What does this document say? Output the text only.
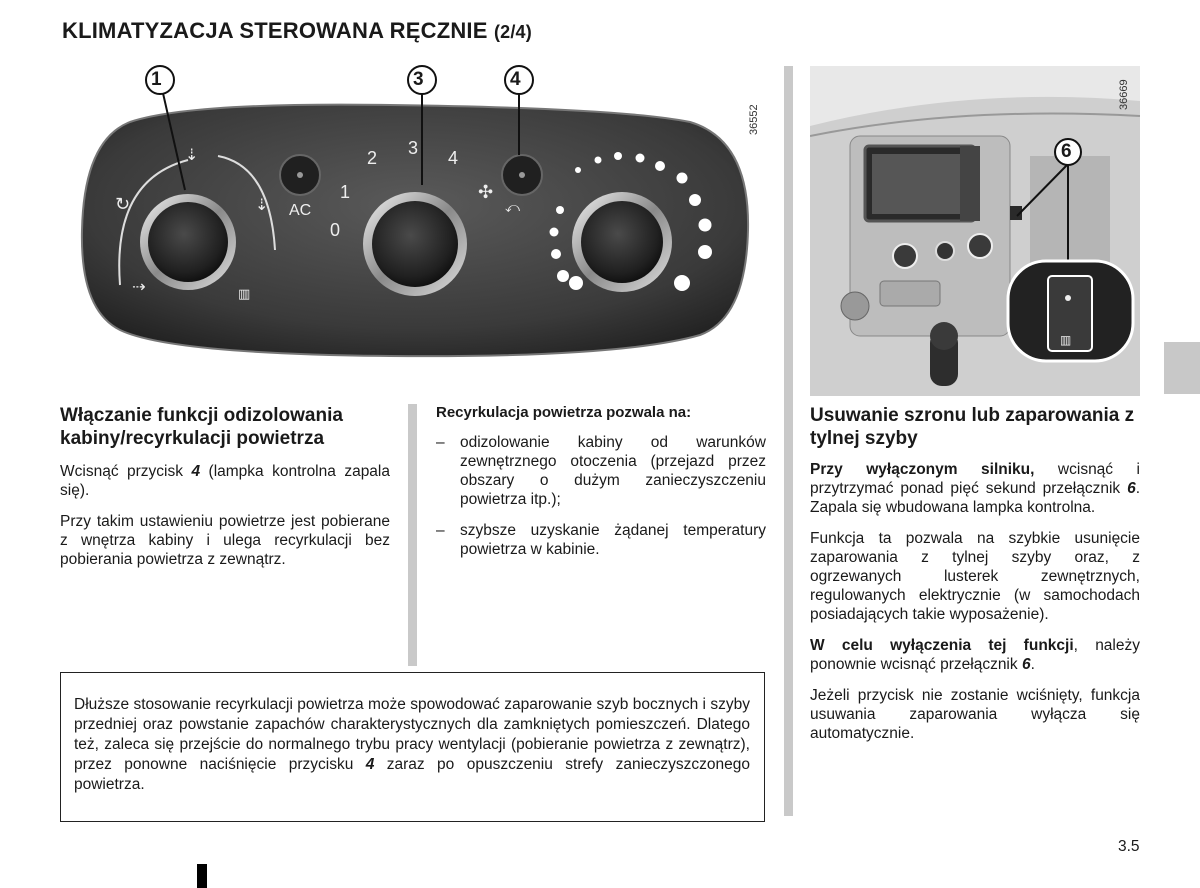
KLIMATYZACJA STEROWANA RĘCZNIE (2/4)
↻
⇣
⇣
⇢	▥
⤺
✣
1	3	4
AC
0
1
2 3 4
36552
▥
6
36669
Włączanie funkcji odizolowania kabiny/recyrkulacji powietrza

Wcisnąć przycisk 4 (lampka kontrolna zapala się).

Przy takim ustawieniu powietrze jest pobierane z wnętrza kabiny i ulega recyrkulacji bez pobierania powietrza z zewnątrz.

Recyrkulacja powietrza pozwala na:

– odizolowanie kabiny od warunków zewnętrznego otoczenia (przejazd przez obszary o dużym zanieczyszczeniu powietrza itp.);
– szybsze uzyskanie żądanej temperatury powietrza w kabinie.
Usuwanie szronu lub zaparowania z tylnej szyby

Przy wyłączonym silniku, wcisnąć i przytrzymać ponad pięć sekund przełącznik 6. Zapala się wbudowana lampka kontrolna.

Funkcja ta pozwala na szybkie usunięcie zaparowania z tylnej szyby oraz, z ogrzewanych lusterek zewnętrznych, regulowanych elektrycznie (w samochodach posiadających takie wyposażenie).

W celu wyłączenia tej funkcji, należy ponownie wcisnąć przełącznik 6.

Jeżeli przycisk nie zostanie wciśnięty, funkcja usuwania zaparowania wyłącza się automatycznie.

Dłuższe stosowanie recyrkulacji powietrza może spowodować zaparowanie szyb bocznych i szyby przedniej oraz powstanie zapachów charakterystycznych dla zamkniętych pomieszczeń. Dlatego też, zaleca się przejście do normalnego trybu pracy wentylacji (pobieranie powietrza z zewnątrz), przez ponowne naciśnięcie przycisku 4 zaraz po opuszczeniu strefy zanieczyszczonego powietrza.
3.5
